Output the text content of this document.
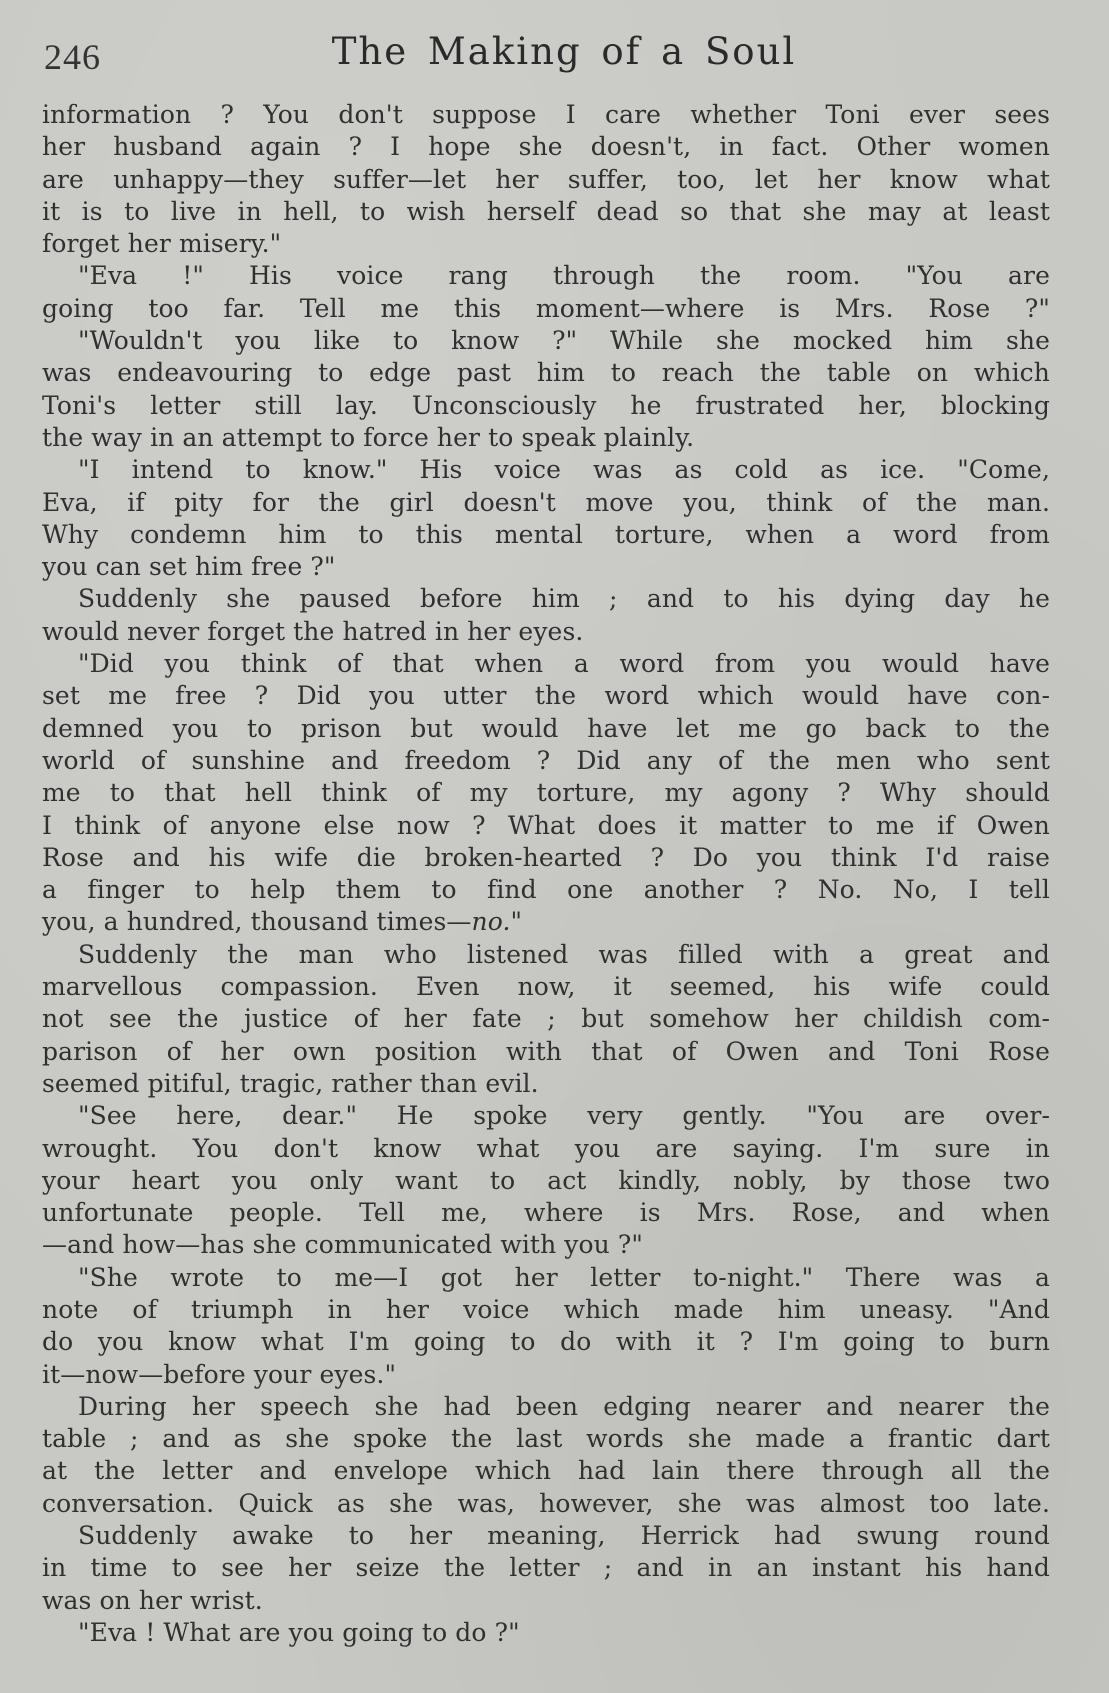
246	The Making of a Soul
information ? You don't suppose I care whether Toni ever sees
her husband again ? I hope she doesn't, in fact. Other women
are unhappy—they suffer—let her suffer, too, let her know what
it is to live in hell, to wish herself dead so that she may at least
forget her misery."
"Eva !" His voice rang through the room. "You are
going too far. Tell me this moment—where is Mrs. Rose ?"
"Wouldn't you like to know ?" While she mocked him she
was endeavouring to edge past him to reach the table on which
Toni's letter still lay. Unconsciously he frustrated her, blocking
the way in an attempt to force her to speak plainly.
"I intend to know." His voice was as cold as ice. "Come,
Eva, if pity for the girl doesn't move you, think of the man.
Why condemn him to this mental torture, when a word from
you can set him free ?"
Suddenly she paused before him ; and to his dying day he
would never forget the hatred in her eyes.
"Did you think of that when a word from you would have
set me free ? Did you utter the word which would have con-
demned you to prison but would have let me go back to the
world of sunshine and freedom ? Did any of the men who sent
me to that hell think of my torture, my agony ? Why should
I think of anyone else now ? What does it matter to me if Owen
Rose and his wife die broken-hearted ? Do you think I'd raise
a finger to help them to find one another ? No. No, I tell
you, a hundred, thousand times—no."
Suddenly the man who listened was filled with a great and
marvellous compassion. Even now, it seemed, his wife could
not see the justice of her fate ; but somehow her childish com-
parison of her own position with that of Owen and Toni Rose
seemed pitiful, tragic, rather than evil.
"See here, dear." He spoke very gently. "You are over-
wrought. You don't know what you are saying. I'm sure in
your heart you only want to act kindly, nobly, by those two
unfortunate people. Tell me, where is Mrs. Rose, and when
—and how—has she communicated with you ?"
"She wrote to me—I got her letter to-night." There was a
note of triumph in her voice which made him uneasy. "And
do you know what I'm going to do with it ? I'm going to burn
it—now—before your eyes."
During her speech she had been edging nearer and nearer the
table ; and as she spoke the last words she made a frantic dart
at the letter and envelope which had lain there through all the
conversation. Quick as she was, however, she was almost too late.
Suddenly awake to her meaning, Herrick had swung round
in time to see her seize the letter ; and in an instant his hand
was on her wrist.
"Eva ! What are you going to do ?"
